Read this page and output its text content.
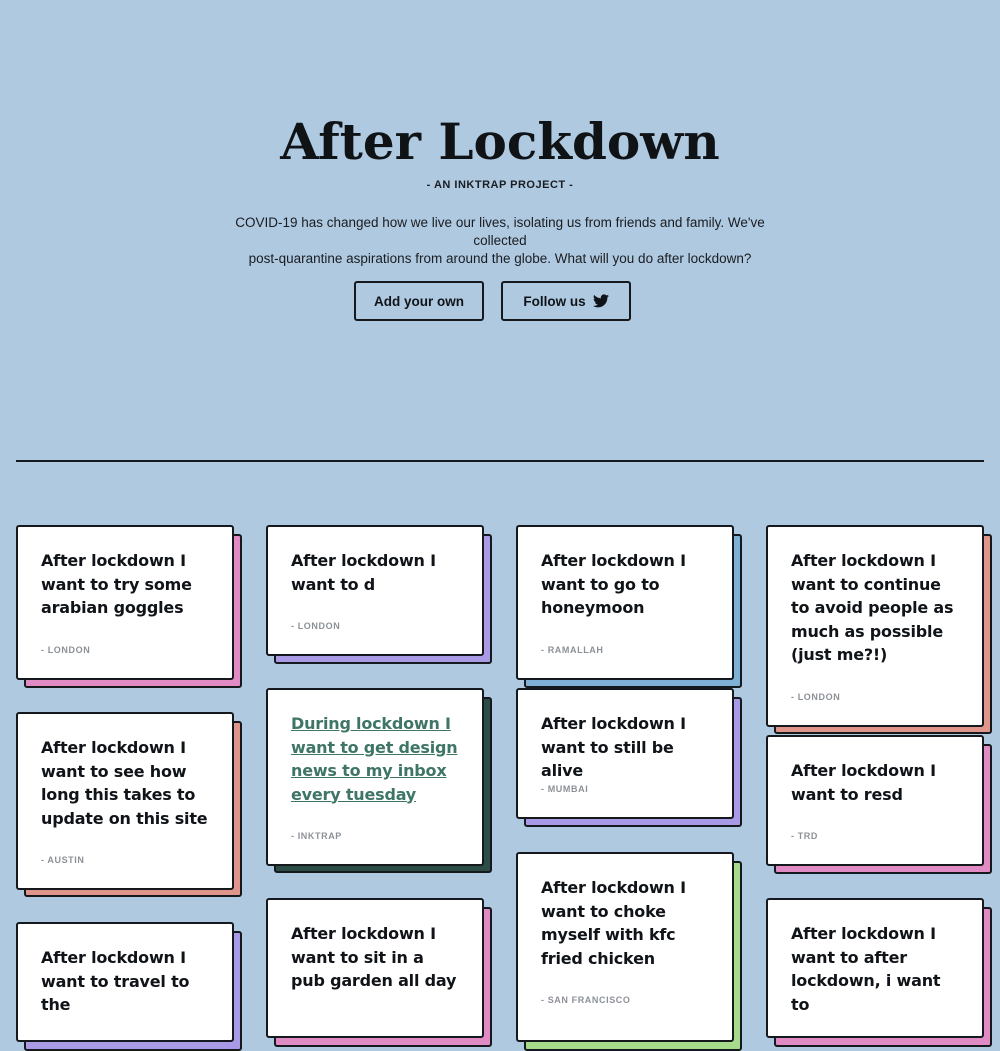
After Lockdown
- AN INKTRAP PROJECT -
COVID-19 has changed how we live our lives, isolating us from friends and family. We've collected
post-quarantine aspirations from around the globe. What will you do after lockdown?
Add your own	Follow us
After lockdown I want to try some arabian goggles
- LONDON
After lockdown I want to d
- LONDON
After lockdown I want to go to honeymoon
- RAMALLAH
After lockdown I want to continue to avoid people as much as possible (just me?!)
- LONDON
After lockdown I want to see how long this takes to update on this site
- AUSTIN
During lockdown I want to get design news to my inbox every tuesday
- INKTRAP
After lockdown I want to still be alive
- MUMBAI
After lockdown I want to resd
- TRD
After lockdown I want to travel to the
After lockdown I want to sit in a pub garden all day
After lockdown I want to choke myself with kfc fried chicken
- SAN FRANCISCO
After lockdown I want to after lockdown, i want to
